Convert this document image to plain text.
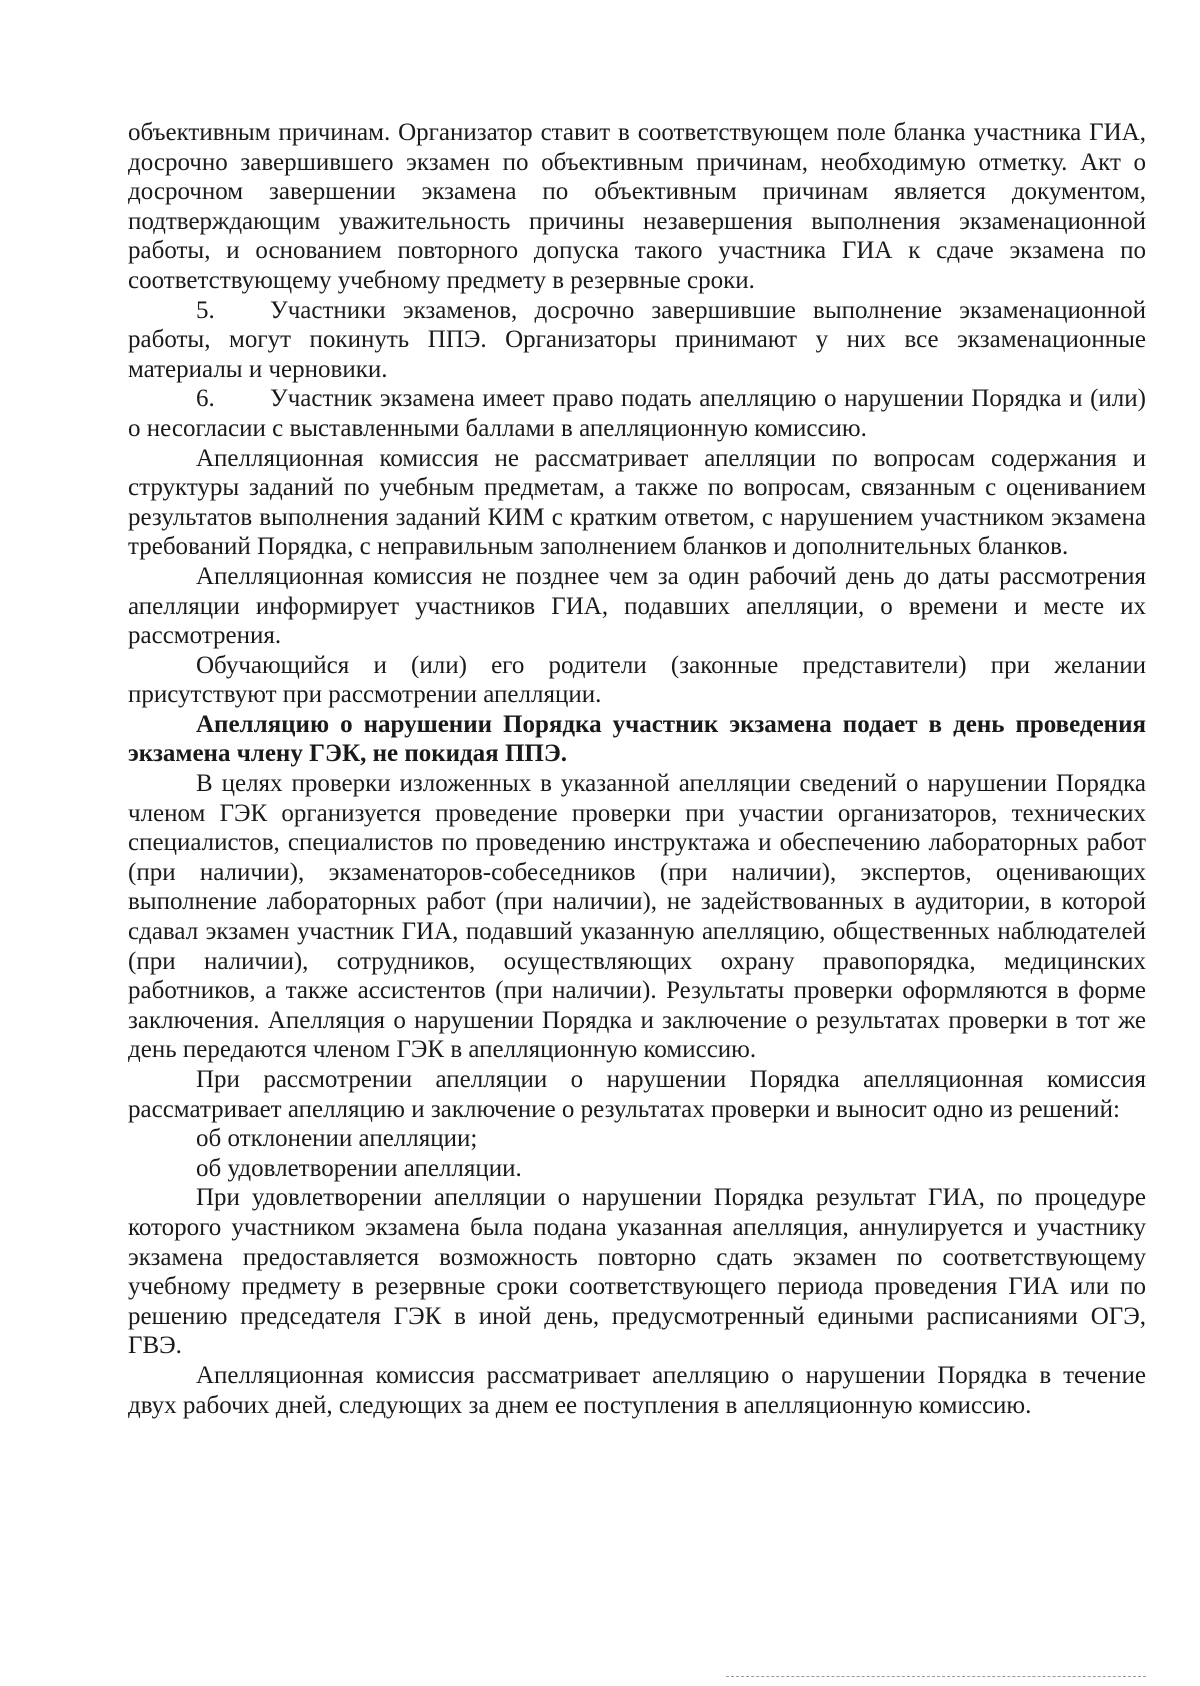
объективным причинам. Организатор ставит в соответствующем поле бланка участника ГИА, досрочно завершившего экзамен по объективным причинам, необходимую отметку. Акт о досрочном завершении экзамена по объективным причинам является документом, подтверждающим уважительность причины незавершения выполнения экзаменационной работы, и основанием повторного допуска такого участника ГИА к сдаче экзамена по соответствующему учебному предмету в резервные сроки.

5. Участники экзаменов, досрочно завершившие выполнение экзаменационной работы, могут покинуть ППЭ. Организаторы принимают у них все экзаменационные материалы и черновики.

6. Участник экзамена имеет право подать апелляцию о нарушении Порядка и (или) о несогласии с выставленными баллами в апелляционную комиссию.

Апелляционная комиссия не рассматривает апелляции по вопросам содержания и структуры заданий по учебным предметам, а также по вопросам, связанным с оцениванием результатов выполнения заданий КИМ с кратким ответом, с нарушением участником экзамена требований Порядка, с неправильным заполнением бланков и дополнительных бланков.

Апелляционная комиссия не позднее чем за один рабочий день до даты рассмотрения апелляции информирует участников ГИА, подавших апелляции, о времени и месте их рассмотрения.

Обучающийся и (или) его родители (законные представители) при желании присутствуют при рассмотрении апелляции.

Апелляцию о нарушении Порядка участник экзамена подает в день проведения экзамена члену ГЭК, не покидая ППЭ.

В целях проверки изложенных в указанной апелляции сведений о нарушении Порядка членом ГЭК организуется проведение проверки при участии организаторов, технических специалистов, специалистов по проведению инструктажа и обеспечению лабораторных работ (при наличии), экзаменаторов-собеседников (при наличии), экспертов, оценивающих выполнение лабораторных работ (при наличии), не задействованных в аудитории, в которой сдавал экзамен участник ГИА, подавший указанную апелляцию, общественных наблюдателей (при наличии), сотрудников, осуществляющих охрану правопорядка, медицинских работников, а также ассистентов (при наличии). Результаты проверки оформляются в форме заключения. Апелляция о нарушении Порядка и заключение о результатах проверки в тот же день передаются членом ГЭК в апелляционную комиссию.

При рассмотрении апелляции о нарушении Порядка апелляционная комиссия рассматривает апелляцию и заключение о результатах проверки и выносит одно из решений:

об отклонении апелляции;

об удовлетворении апелляции.

При удовлетворении апелляции о нарушении Порядка результат ГИА, по процедуре которого участником экзамена была подана указанная апелляция, аннулируется и участнику экзамена предоставляется возможность повторно сдать экзамен по соответствующему учебному предмету в резервные сроки соответствующего периода проведения ГИА или по решению председателя ГЭК в иной день, предусмотренный едиными расписаниями ОГЭ, ГВЭ.

Апелляционная комиссия рассматривает апелляцию о нарушении Порядка в течение двух рабочих дней, следующих за днем ее поступления в апелляционную комиссию.
